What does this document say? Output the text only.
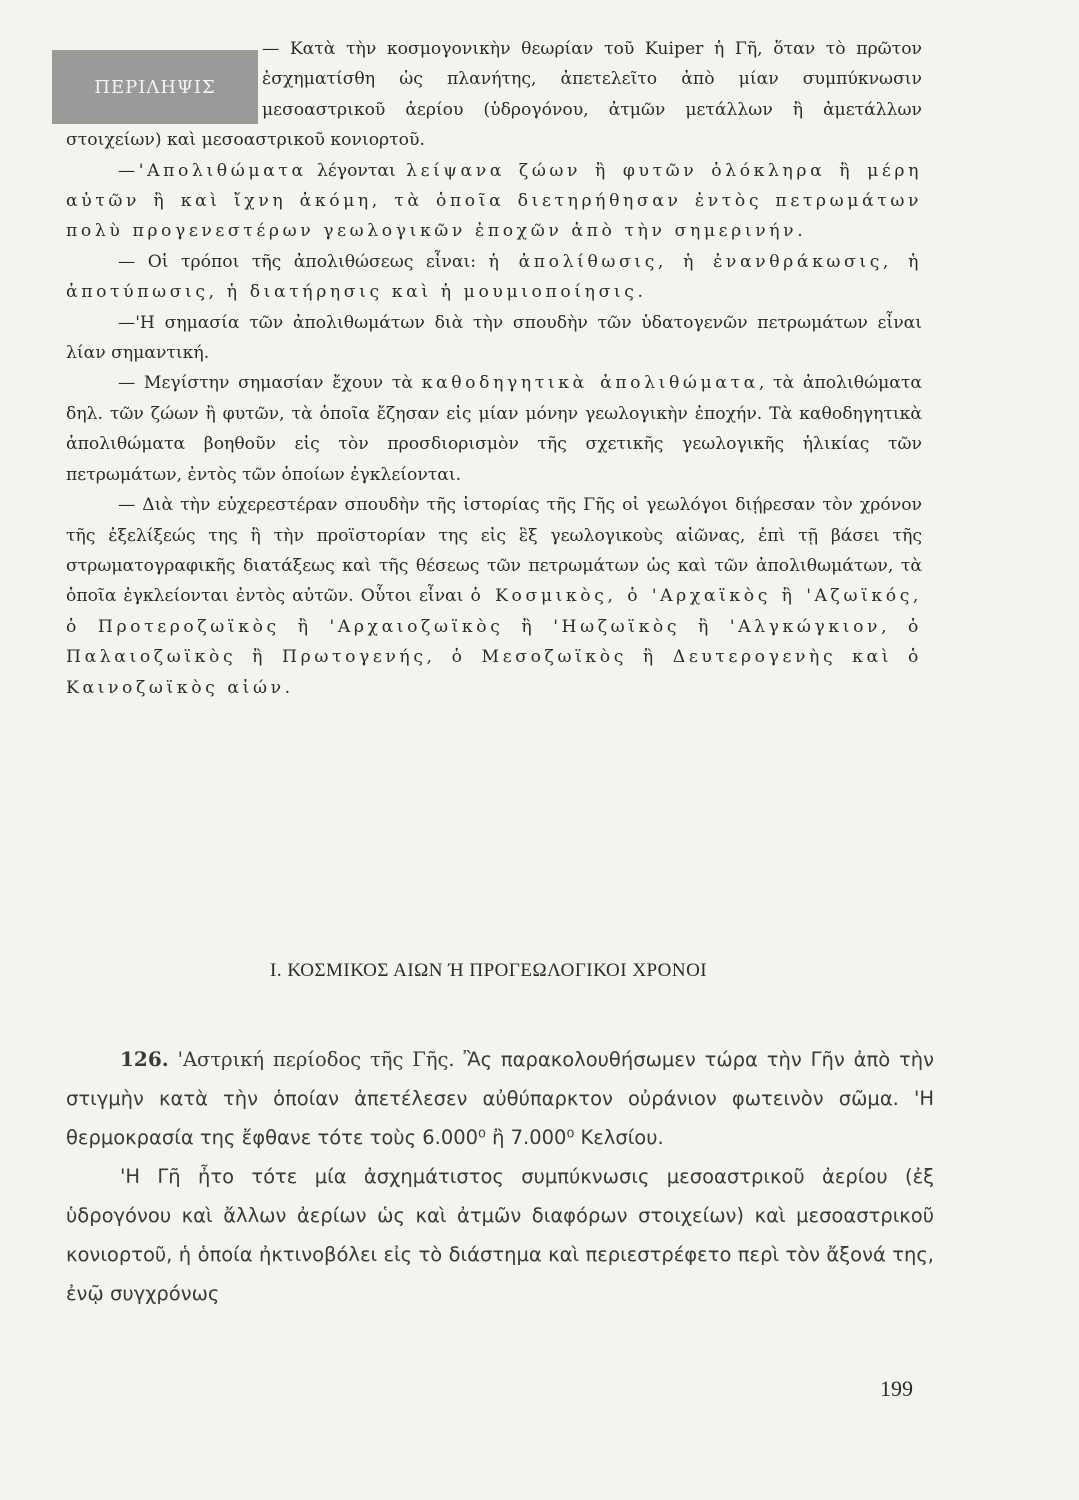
ΠΕΡΙΛΗΨΙΣ

— Κατὰ τὴν κοσμογονικὴν θεωρίαν τοῦ Kuiper ἡ Γῆ, ὅταν τὸ πρῶτον ἐσχηματίσθη ὡς πλανήτης, ἀπετελεῖτο ἀπὸ μίαν συμπύκνωσιν μεσοαστρικοῦ ἀερίου (ὑδρογόνου, ἀτμῶν μετάλλων ἢ ἀμετάλλων στοιχείων) καὶ μεσοαστρικοῦ κονιορτοῦ.

—'Απολιθώματα λέγονται λείψανα ζώων ἢ φυτῶν ὁλόκληρα ἢ μέρη αὐτῶν ἢ καὶ ἴχνη ἀκόμη, τὰ ὁποῖα διετηρήθησαν ἐντὸς πετρωμάτων πολὺ προγενεστέρων γεωλογικῶν ἐποχῶν ἀπὸ τὴν σημερινήν.

— Οἱ τρόποι τῆς ἀπολιθώσεως εἶναι: ἡ ἀπολίθωσις, ἡ ἐνανθράκωσις, ἡ ἀποτύπωσις, ἡ διατήρησις καὶ ἡ μουμιοποίησις.

—'Η σημασία τῶν ἀπολιθωμάτων διὰ τὴν σπουδὴν τῶν ὑδατογενῶν πετρωμάτων εἶναι λίαν σημαντική.

— Μεγίστην σημασίαν ἔχουν τὰ καθοδηγητικὰ ἀπολιθώματα, τὰ ἀπολιθώματα δηλ. τῶν ζώων ἢ φυτῶν, τὰ ὁποῖα ἔζησαν εἰς μίαν μόνην γεωλογικὴν ἐποχήν. Τὰ καθοδηγητικὰ ἀπολιθώματα βοηθοῦν εἰς τὸν προσδιορισμὸν τῆς σχετικῆς γεωλογικῆς ἡλικίας τῶν πετρωμάτων, ἐντὸς τῶν ὁποίων ἐγκλείονται.

— Διὰ τὴν εὐχερεστέραν σπουδὴν τῆς ἱστορίας τῆς Γῆς οἱ γεωλόγοι διῄρεσαν τὸν χρόνον τῆς ἐξελίξεώς της ἢ τὴν προϊστορίαν της εἰς ἓξ γεωλογικοὺς αἰῶνας, ἐπὶ τῇ βάσει τῆς στρωματογραφικῆς διατάξεως καὶ τῆς θέσεως τῶν πετρωμάτων ὡς καὶ τῶν ἀπολιθωμάτων, τὰ ὁποῖα ἐγκλείονται ἐντὸς αὐτῶν. Οὗτοι εἶναι ὁ Κοσμικὸς, ὁ 'Αρχαϊκὸς ἢ 'Αζωϊκός, ὁ Προτεροζωϊκὸς ἢ 'Αρχαιοζωϊκὸς ἢ 'Ηωζωϊκὸς ἢ 'Αλγκώγκιον, ὁ Παλαιοζωϊκὸς ἢ Πρωτογενής, ὁ Μεσοζωϊκὸς ἢ Δευτερογενὴς καὶ ὁ Καινοζωϊκὸς αἰών.

I. ΚΟΣΜΙΚΟΣ ΑΙΩΝ Ή ΠΡΟΓΕΩΛΟΓΙΚΟΙ ΧΡΟΝΟΙ

126. 'Αστρική περίοδος τῆς Γῆς. Ἂς παρακολουθήσωμεν τώρα τὴν Γῆν ἀπὸ τὴν στιγμὴν κατὰ τὴν ὁποίαν ἀπετέλεσεν αὐθύπαρκτον οὐράνιον φωτεινὸν σῶμα. 'Η θερμοκρασία της ἔφθανε τότε τοὺς 6.000⁰ ἢ 7.000⁰ Κελσίου.

'Η Γῆ ἦτο τότε μία ἀσχημάτιστος συμπύκνωσις μεσοαστρικοῦ ἀερίου (ἐξ ὑδρογόνου καὶ ἄλλων ἀερίων ὡς καὶ ἀτμῶν διαφόρων στοιχείων) καὶ μεσοαστρικοῦ κονιορτοῦ, ἡ ὁποία ἠκτινοβόλει εἰς τὸ διάστημα καὶ περιεστρέφετο περὶ τὸν ἄξονά της, ἐνῷ συγχρόνως

199
